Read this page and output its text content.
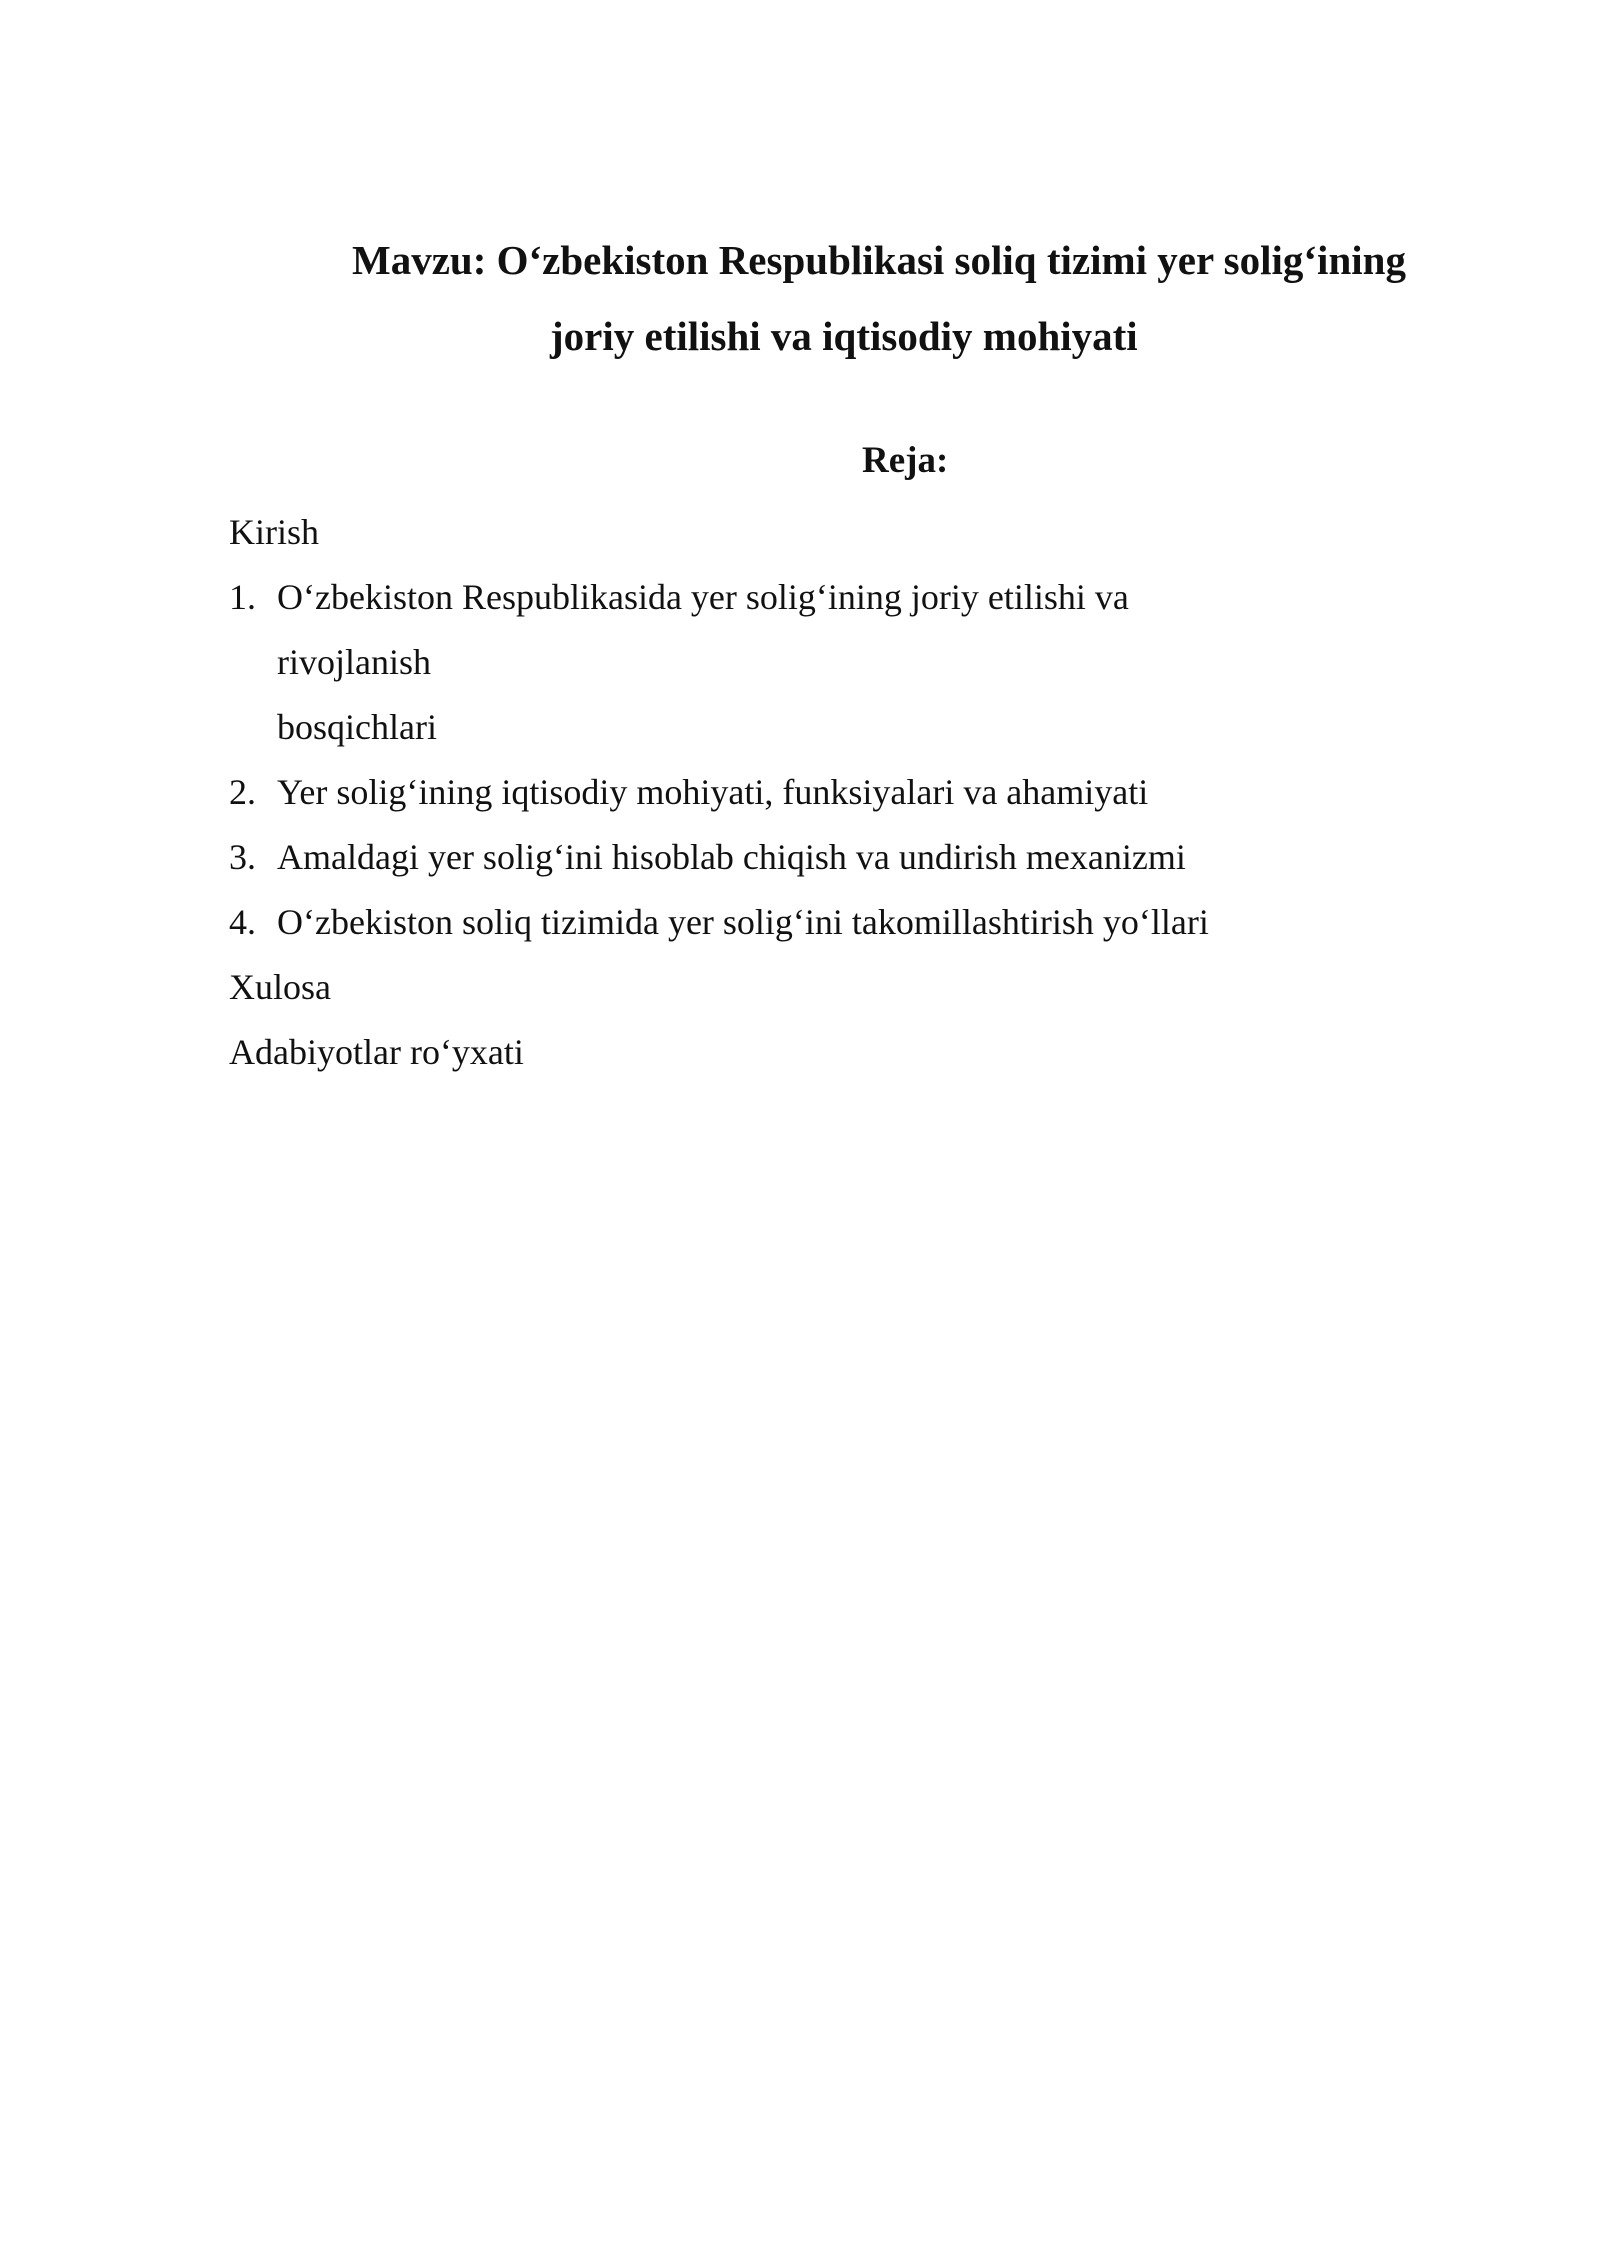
Mavzu: O‘zbekiston Respublikasi soliq tizimi yer solig‘ining
joriy etilishi va iqtisodiy mohiyati
Reja:
Kirish
1. O‘zbekiston Respublikasida yer solig‘ining joriy etilishi va rivojlanish
bosqichlari
2. Yer solig‘ining iqtisodiy mohiyati, funksiyalari va ahamiyati
3. Amaldagi yer solig‘ini hisoblab chiqish va undirish mexanizmi
4. O‘zbekiston soliq tizimida yer solig‘ini takomillashtirish yo‘llari
Xulosa
Adabiyotlar ro‘yxati
